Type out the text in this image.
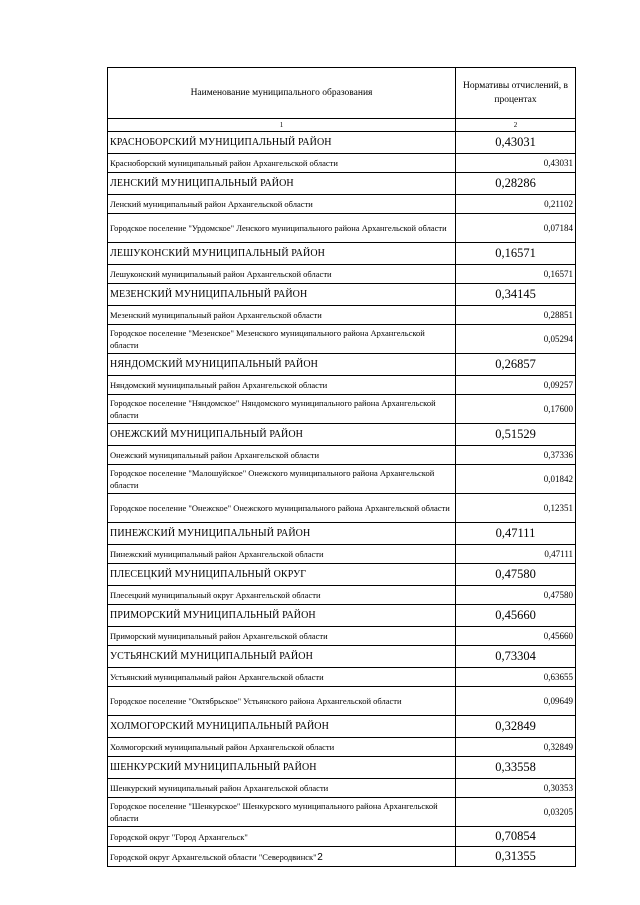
Наименование муниципального образования	Нормативы отчислений, в процентах
1	2
КРАСНОБОРСКИЙ МУНИЦИПАЛЬНЫЙ РАЙОН	0,43031
Красноборский муниципальный район Архангельской области	0,43031
ЛЕНСКИЙ МУНИЦИПАЛЬНЫЙ РАЙОН	0,28286
Ленский муниципальный район Архангельской области	0,21102
Городское поселение "Урдомское" Ленского муниципального района Архангельской области	0,07184
ЛЕШУКОНСКИЙ МУНИЦИПАЛЬНЫЙ РАЙОН	0,16571
Лешуконский муниципальный район Архангельской области	0,16571
МЕЗЕНСКИЙ МУНИЦИПАЛЬНЫЙ РАЙОН	0,34145
Мезенский муниципальный район Архангельской области	0,28851
Городское поселение "Мезенское" Мезенского муниципального района Архангельской области	0,05294
НЯНДОМСКИЙ МУНИЦИПАЛЬНЫЙ РАЙОН	0,26857
Няндомский муниципальный район Архангельской области	0,09257
Городское поселение "Няндомское" Няндомского муниципального района Архангельской области	0,17600
ОНЕЖСКИЙ МУНИЦИПАЛЬНЫЙ РАЙОН	0,51529
Онежский муниципальный район Архангельской области	0,37336
Городское поселение "Малошуйское" Онежского муниципального района Архангельской области	0,01842
Городское поселение "Онежское" Онежского муниципального района Архангельской области	0,12351
ПИНЕЖСКИЙ МУНИЦИПАЛЬНЫЙ РАЙОН	0,47111
Пинежский муниципальный район Архангельской области	0,47111
ПЛЕСЕЦКИЙ МУНИЦИПАЛЬНЫЙ ОКРУГ	0,47580
Плесецкий муниципальный округ Архангельской области	0,47580
ПРИМОРСКИЙ МУНИЦИПАЛЬНЫЙ РАЙОН	0,45660
Приморский муниципальный район Архангельской области	0,45660
УСТЬЯНСКИЙ МУНИЦИПАЛЬНЫЙ РАЙОН	0,73304
Устьянский муниципальный район Архангельской области	0,63655
Городское поселение "Октябрьское" Устьянского района Архангельской области	0,09649
ХОЛМОГОРСКИЙ МУНИЦИПАЛЬНЫЙ РАЙОН	0,32849
Холмогорский муниципальный район Архангельской области	0,32849
ШЕНКУРСКИЙ МУНИЦИПАЛЬНЫЙ РАЙОН	0,33558
Шенкурский муниципальный район Архангельской области	0,30353
Городское поселение "Шенкурское" Шенкурского муниципального района Архангельской области	0,03205
Городской округ "Город Архангельск"	0,70854
Городской округ Архангельской области "Северодвинск"	0,31355
2
